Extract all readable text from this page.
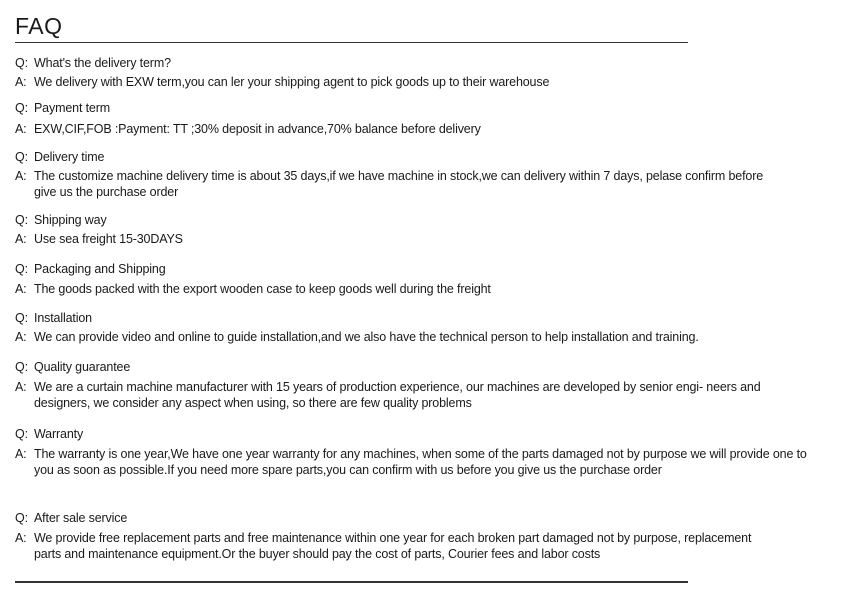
FAQ
Q: What's the delivery term?
A: We delivery with EXW term,you can ler your shipping agent to pick goods up to their warehouse
Q: Payment term
A: EXW,CIF,FOB :Payment: TT ;30% deposit in advance,70% balance before delivery
Q: Delivery time
A: The customize machine delivery time is about 35 days,if we have machine in stock,we can delivery within 7 days, pelase confirm before give us the purchase order
Q: Shipping way
A: Use sea freight 15-30DAYS
Q: Packaging and Shipping
A: The goods packed with the export wooden case to keep goods well during the freight
Q: Installation
A: We can provide video and online to guide installation,and we also have the technical person to help installation and training.
Q: Quality guarantee
A: We are a curtain machine manufacturer with 15 years of production experience, our machines are developed by senior engi- neers and designers, we consider any aspect when using, so there are few quality problems
Q: Warranty
A: The warranty is one year,We have one year warranty for any machines, when some of the parts damaged not by purpose we will provide one to you as soon as possible.If you need more spare parts,you can confirm with us before you give us the purchase order
Q: After sale service
A: We provide free replacement parts and free maintenance within one year for each broken part damaged not by purpose, replacement parts and maintenance equipment.Or the buyer should pay the cost of parts, Courier fees and labor costs
